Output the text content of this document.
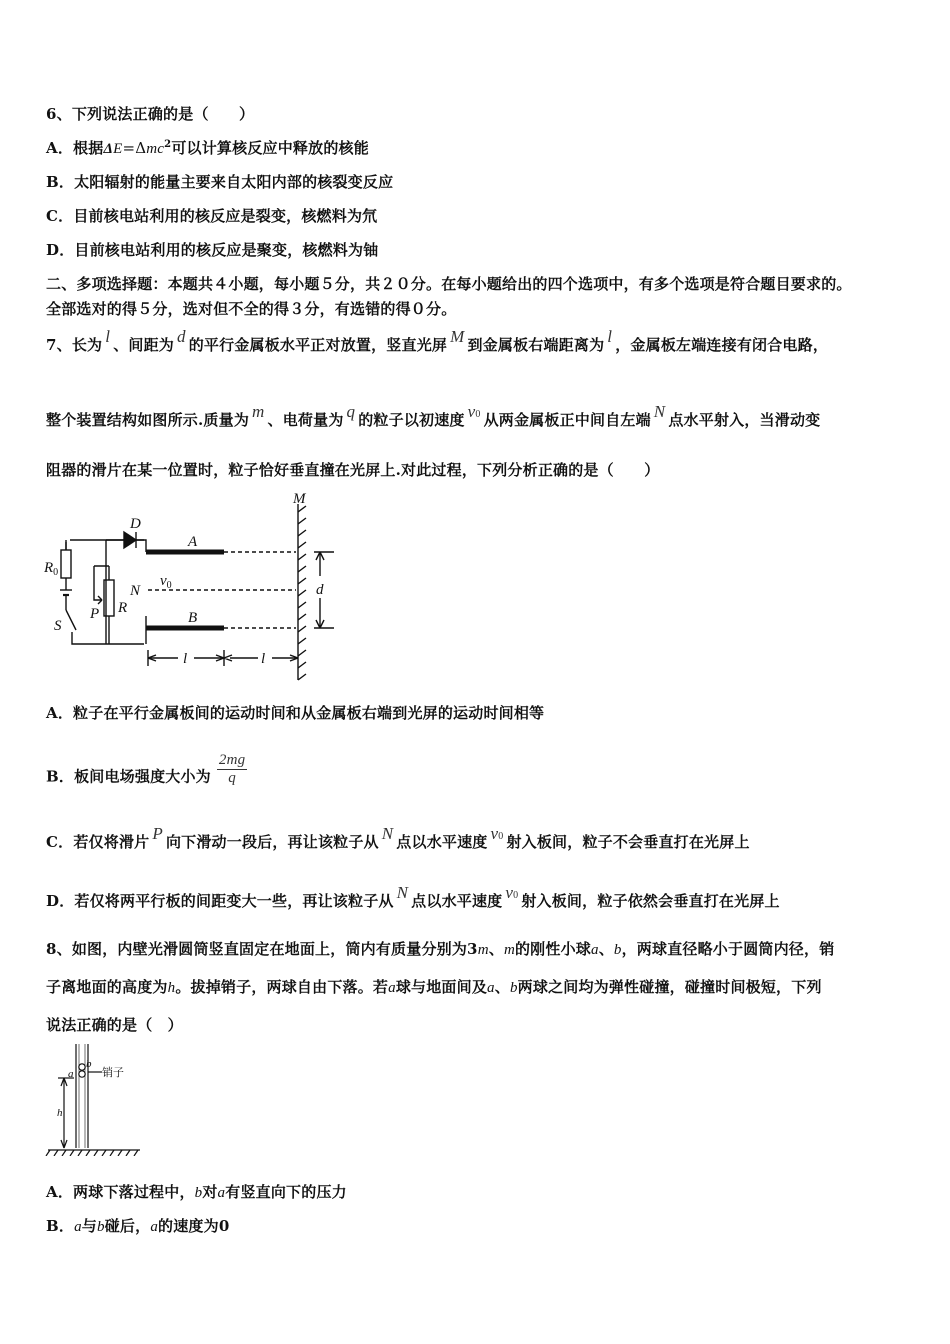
6、下列说法正确的是（　　）
A．根据ΔE=Δmc$^2$可以计算核反应中释放的核能
B．太阳辐射的能量主要来自太阳内部的核裂变反应
C．目前核电站利用的核反应是裂变，核燃料为氘
D．目前核电站利用的核反应是聚变，核燃料为铀
二、多项选择题：本题共４小题，每小题５分，共２０分。在每小题给出的四个选项中，有多个选项是符合题目要求的。
全部选对的得５分，选对但不全的得３分，有选错的得０分。
7、长为 l 、间距为 d 的平行金属板水平正对放置，竖直光屏 M 到金属板右端距离为 l ，金属板左端连接有闭合电路，
整个装置结构如图所示.质量为 m 、电荷量为 q 的粒子以初速度 v0 从两金属板正中间自左端 N 点水平射入，当滑动变
阻器的滑片在某一位置时，粒子恰好垂直撞在光屏上.对此过程，下列分析正确的是（　　）
M
D
A
$R_0$
$v_0$
N
P R
S	B
d
l	l
A．粒子在平行金属板间的运动时间和从金属板右端到光屏的运动时间相等
B．板间电场强度大小为 $\frac{2mg}{q}$
C．若仅将滑片 P 向下滑动一段后，再让该粒子从 N 点以水平速度 v0 射入板间，粒子不会垂直打在光屏上
D．若仅将两平行板的间距变大一些，再让该粒子从 N 点以水平速度 v0 射入板间，粒子依然会垂直打在光屏上
8、如图，内壁光滑圆筒竖直固定在地面上，筒内有质量分别为3m、m的刚性小球a、b，两球直径略小于圆筒内径，销
子离地面的高度为h。拔掉销子，两球自由下落。若a球与地面间及a、b两球之间均为弹性碰撞，碰撞时间极短，下列
说法正确的是（　）
a
b
销子
h
A．两球下落过程中，b对a有竖直向下的压力
B．a与b碰后，a的速度为0
